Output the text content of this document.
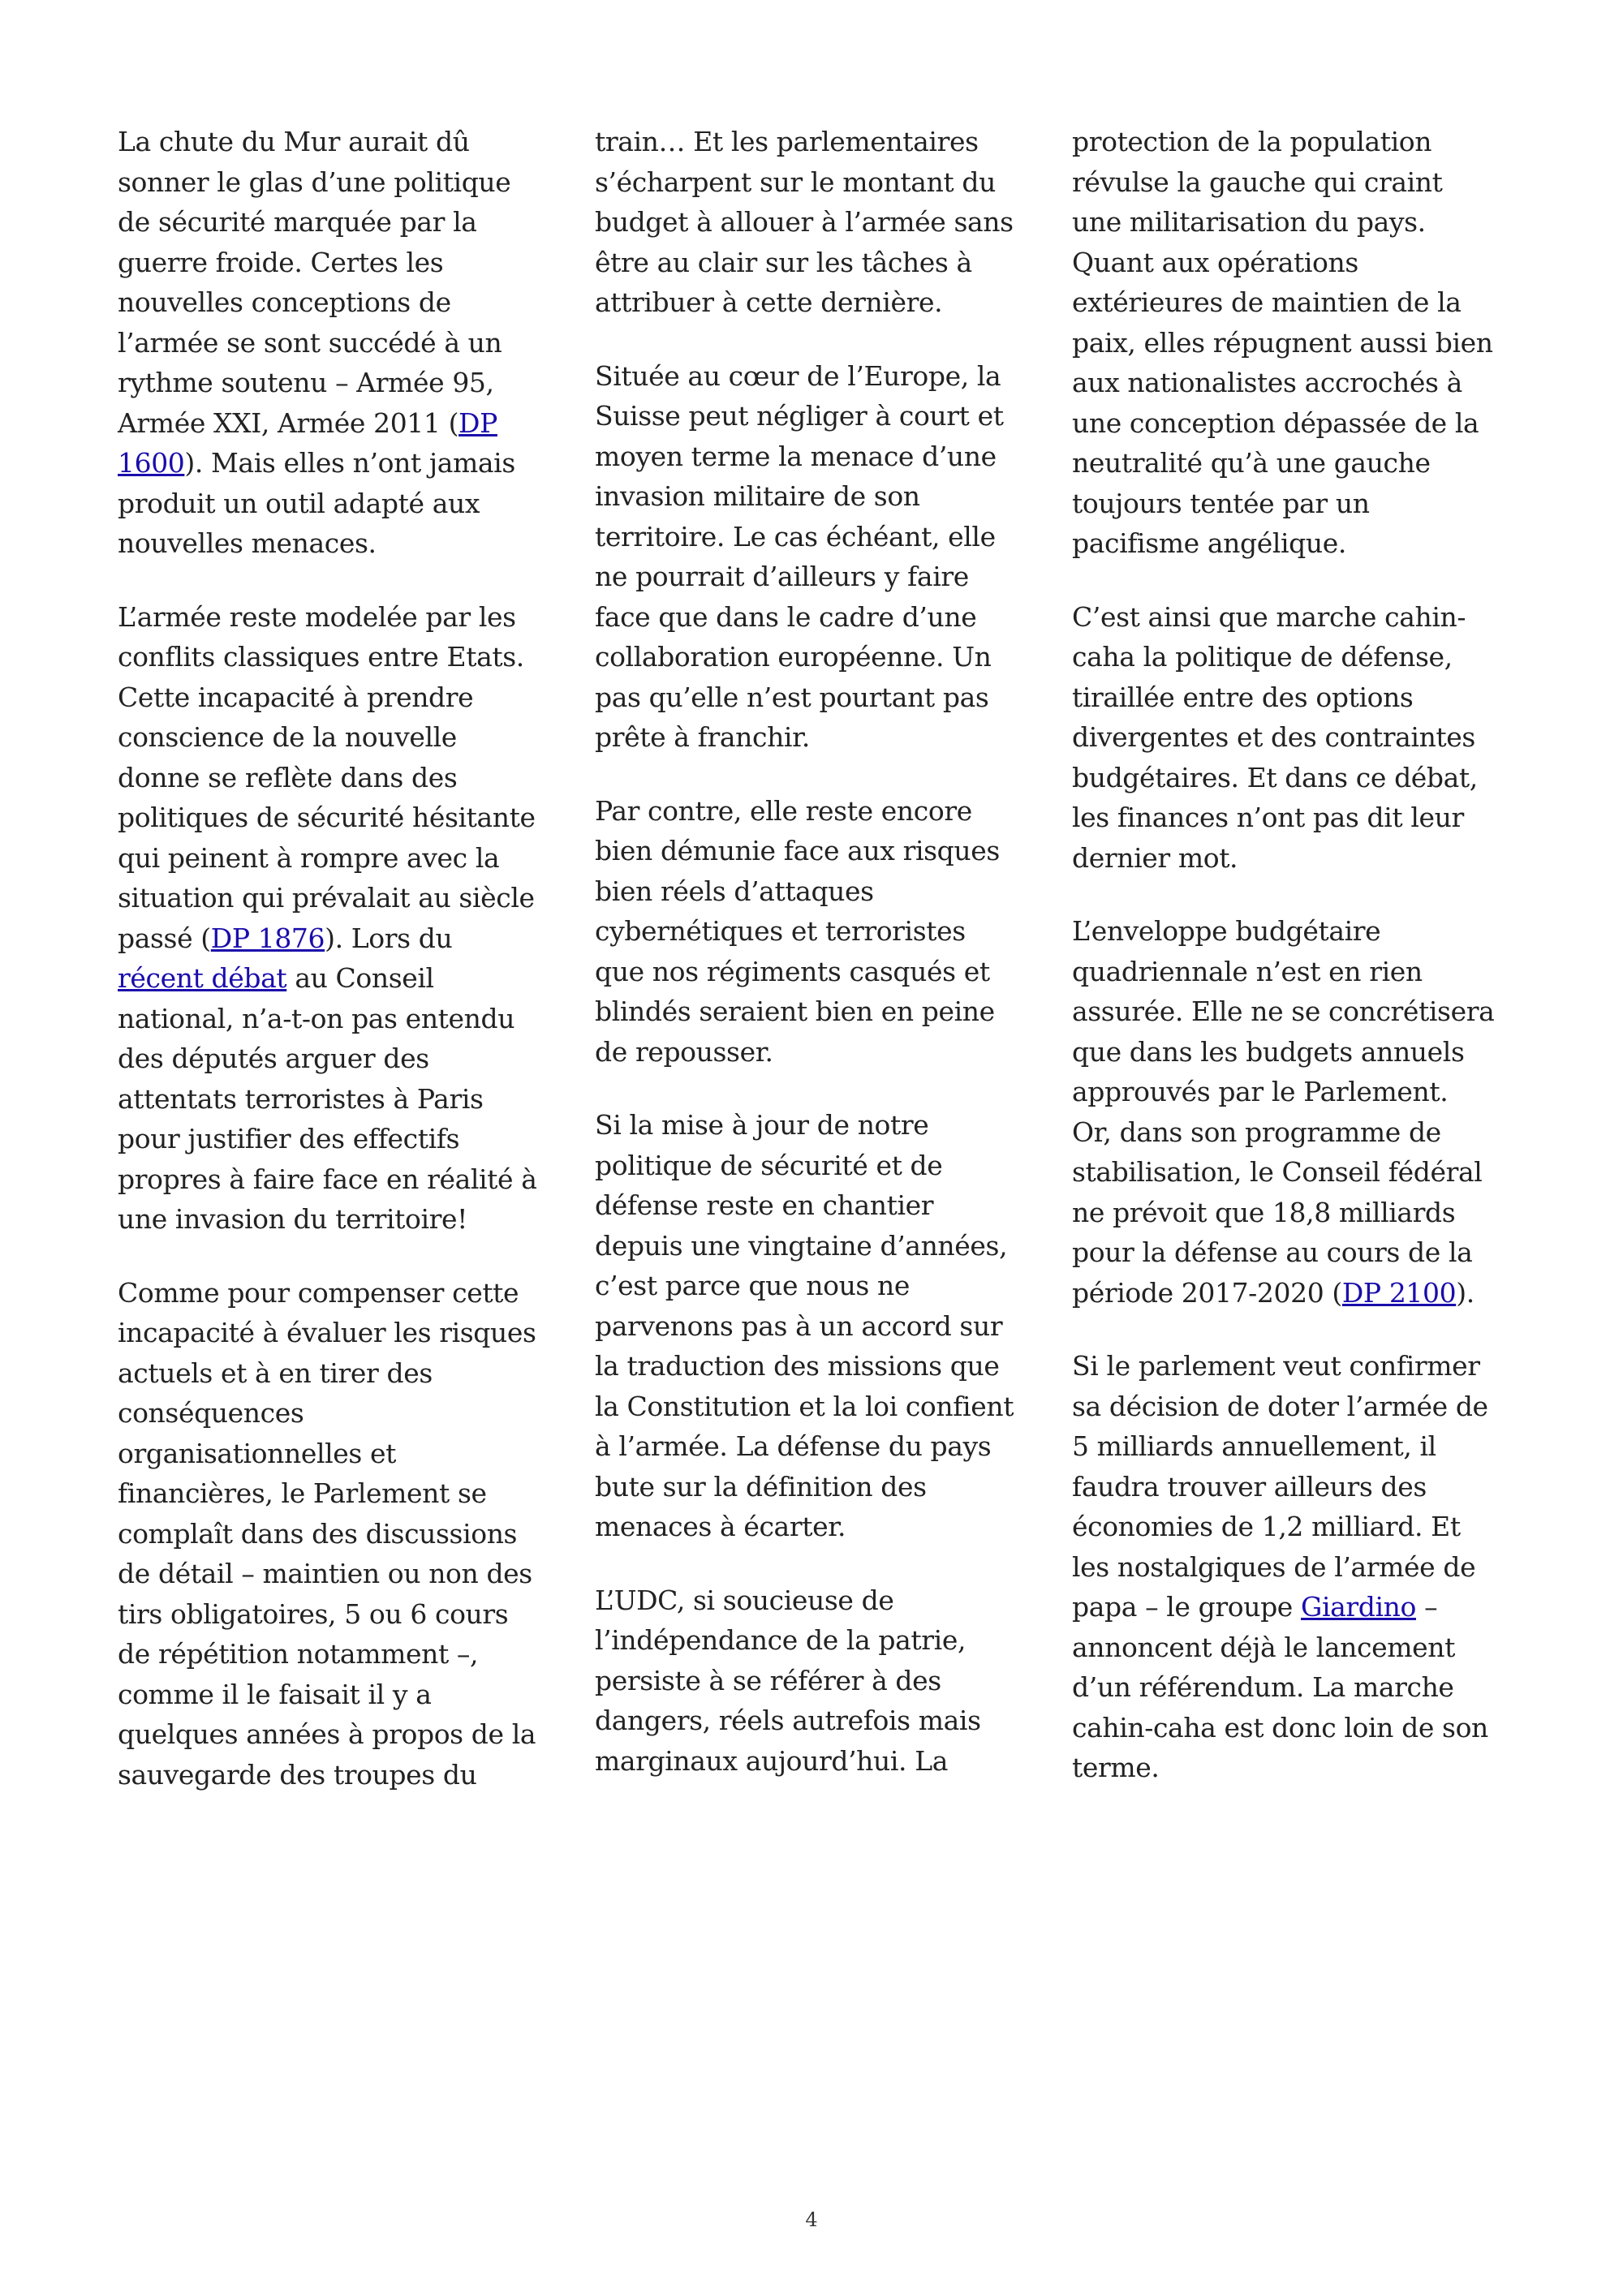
La chute du Mur aurait dû
sonner le glas d’une politique
de sécurité marquée par la
guerre froide. Certes les
nouvelles conceptions de
l’armée se sont succédé à un
rythme soutenu – Armée 95,
Armée XXI, Armée 2011 (DP
1600). Mais elles n’ont jamais
produit un outil adapté aux
nouvelles menaces.
L’armée reste modelée par les
conflits classiques entre Etats.
Cette incapacité à prendre
conscience de la nouvelle
donne se reflète dans des
politiques de sécurité hésitante
qui peinent à rompre avec la
situation qui prévalait au siècle
passé (DP 1876). Lors du
récent débat au Conseil
national, n’a-t-on pas entendu
des députés arguer des
attentats terroristes à Paris
pour justifier des effectifs
propres à faire face en réalité à
une invasion du territoire!
Comme pour compenser cette
incapacité à évaluer les risques
actuels et à en tirer des
conséquences
organisationnelles et
financières, le Parlement se
complaît dans des discussions
de détail – maintien ou non des
tirs obligatoires, 5 ou 6 cours
de répétition notamment –,
comme il le faisait il y a
quelques années à propos de la
sauvegarde des troupes du
train… Et les parlementaires
s’écharpent sur le montant du
budget à allouer à l’armée sans
être au clair sur les tâches à
attribuer à cette dernière.
Située au cœur de l’Europe, la
Suisse peut négliger à court et
moyen terme la menace d’une
invasion militaire de son
territoire. Le cas échéant, elle
ne pourrait d’ailleurs y faire
face que dans le cadre d’une
collaboration européenne. Un
pas qu’elle n’est pourtant pas
prête à franchir.
Par contre, elle reste encore
bien démunie face aux risques
bien réels d’attaques
cybernétiques et terroristes
que nos régiments casqués et
blindés seraient bien en peine
de repousser.
Si la mise à jour de notre
politique de sécurité et de
défense reste en chantier
depuis une vingtaine d’années,
c’est parce que nous ne
parvenons pas à un accord sur
la traduction des missions que
la Constitution et la loi confient
à l’armée. La défense du pays
bute sur la définition des
menaces à écarter.
L’UDC, si soucieuse de
l’indépendance de la patrie,
persiste à se référer à des
dangers, réels autrefois mais
marginaux aujourd’hui. La
protection de la population
révulse la gauche qui craint
une militarisation du pays.
Quant aux opérations
extérieures de maintien de la
paix, elles répugnent aussi bien
aux nationalistes accrochés à
une conception dépassée de la
neutralité qu’à une gauche
toujours tentée par un
pacifisme angélique.
C’est ainsi que marche cahin-
caha la politique de défense,
tiraillée entre des options
divergentes et des contraintes
budgétaires. Et dans ce débat,
les finances n’ont pas dit leur
dernier mot.
L’enveloppe budgétaire
quadriennale n’est en rien
assurée. Elle ne se concrétisera
que dans les budgets annuels
approuvés par le Parlement.
Or, dans son programme de
stabilisation, le Conseil fédéral
ne prévoit que 18,8 milliards
pour la défense au cours de la
période 2017-2020 (DP 2100).
Si le parlement veut confirmer
sa décision de doter l’armée de
5 milliards annuellement, il
faudra trouver ailleurs des
économies de 1,2 milliard. Et
les nostalgiques de l’armée de
papa – le groupe Giardino –
annoncent déjà le lancement
d’un référendum. La marche
cahin-caha est donc loin de son
terme.
4
